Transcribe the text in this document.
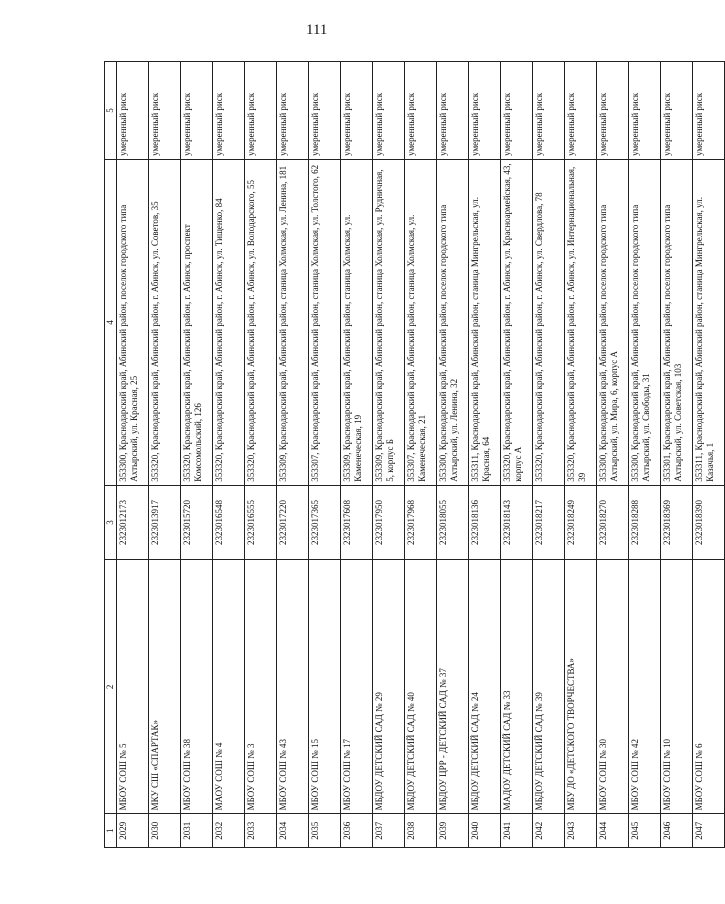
111
1	2	3	4	5
2029	МБОУ СОШ № 5	2323012173	353300, Краснодарский край, Абинский район, поселок городского типа Ахтырский, ул. Красная, 25	умеренный риск
2030	МКУ СШ «СПАРТАК»	2323013917	353320, Краснодарский край, Абинский район, г. Абинск, ул. Советов, 35	умеренный риск
2031	МБОУ СОШ № 38	2323015720	353320, Краснодарский край, Абинский район, г. Абинск, проспект Комсомольский, 126	умеренный риск
2032	МАОУ СОШ № 4	2323016548	353320, Краснодарский край, Абинский район, г. Абинск, ул. Тищенко, 84	умеренный риск
2033	МБОУ СОШ № 3	2323016555	353320, Краснодарский край, Абинский район, г. Абинск, ул. Володарского, 55	умеренный риск
2034	МБОУ СОШ № 43	2323017220	353309, Краснодарский край, Абинский район, станица Холмская, ул. Ленина, 181	умеренный риск
2035	МБОУ СОШ № 15	2323017365	353307, Краснодарский край, Абинский район, станица Холмская, ул. Толстого, 62	умеренный риск
2036	МБОУ СОШ № 17	2323017608	353309, Краснодарский край, Абинский район, станица Холмская, ул. Каменеческая, 19	умеренный риск
2037	МБДОУ ДЕТСКИЙ САД № 29	2323017950	353309, Краснодарский край, Абинский район, станица Холмская, ул. Рудничная, 5, корпус Б	умеренный риск
2038	МБДОУ ДЕТСКИЙ САД № 40	2323017968	353307, Краснодарский край, Абинский район, станица Холмская, ул. Каменеческая, 21	умеренный риск
2039	МБДОУ ЦРР - ДЕТСКИЙ САД № 37	2323018055	353300, Краснодарский край, Абинский район, поселок городского типа Ахтырский, ул. Ленина, 32	умеренный риск
2040	МБДОУ ДЕТСКИЙ САД № 24	2323018136	353311, Краснодарский край, Абинский район, станица Мингрельская, ул. Красная, 64	умеренный риск
2041	МАДОУ ДЕТСКИЙ САД № 33	2323018143	353320, Краснодарский край, Абинский район, г. Абинск, ул. Красноармейская, 43, корпус А	умеренный риск
2042	МБДОУ ДЕТСКИЙ САД № 39	2323018217	353320, Краснодарский край, Абинский район, г. Абинск, ул. Свердлова, 78	умеренный риск
2043	МБУ ДО «ДЕТСКОГО ТВОРЧЕСТВА»	2323018249	353320, Краснодарский край, Абинский район, г. Абинск, ул. Интернациональная, 39	умеренный риск
2044	МБОУ СОШ № 30	2323018270	353300, Краснодарский край, Абинский район, поселок городского типа Ахтырский, ул. Мира, 6, корпус А	умеренный риск
2045	МБОУ СОШ № 42	2323018288	353300, Краснодарский край, Абинский район, поселок городского типа Ахтырский, ул. Свободы, 31	умеренный риск
2046	МБОУ СОШ № 10	2323018369	353301, Краснодарский край, Абинский район, поселок городского типа Ахтырский, ул. Советская, 103	умеренный риск
2047	МБОУ СОШ № 6	2323018390	353311, Краснодарский край, Абинский район, станица Мингрельская, ул. Казачья, 1	умеренный риск
